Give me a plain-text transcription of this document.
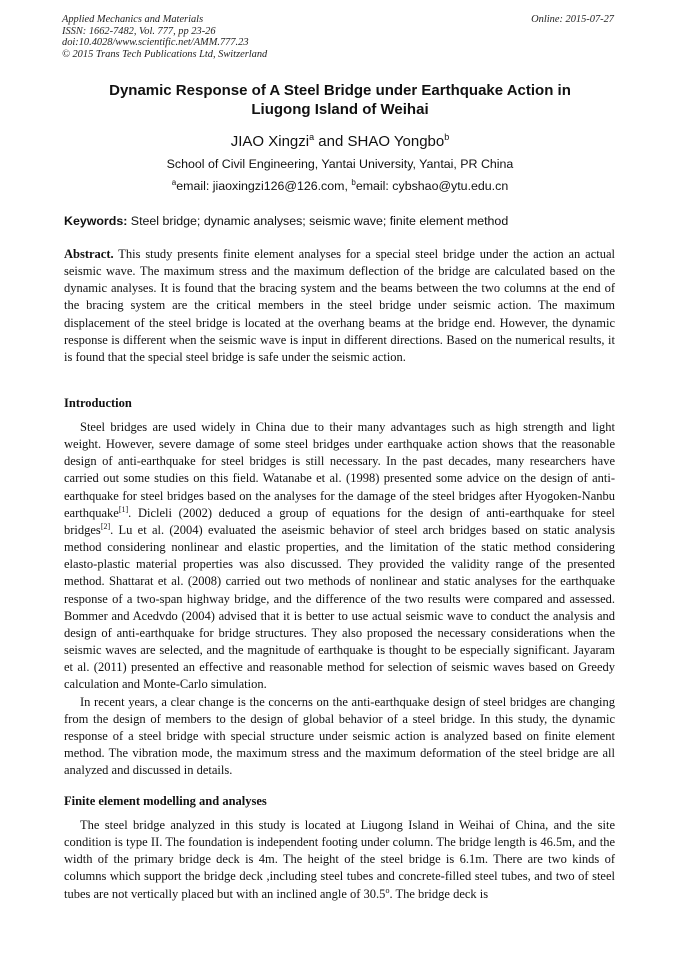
Applied Mechanics and Materials
ISSN: 1662-7482, Vol. 777, pp 23-26
doi:10.4028/www.scientific.net/AMM.777.23
© 2015 Trans Tech Publications Ltd, Switzerland
Online: 2015-07-27
Dynamic Response of A Steel Bridge under Earthquake Action in
Liugong Island of Weihai
JIAO Xingzi$^a$ and SHAO Yongbo$^b$
School of Civil Engineering, Yantai University, Yantai, PR China
$^a$email: jiaoxingzi126@126.com, $^b$email: cybshao@ytu.edu.cn
Keywords: Steel bridge; dynamic analyses; seismic wave; finite element method

Abstract. This study presents finite element analyses for a special steel bridge under the action an actual seismic wave. The maximum stress and the maximum deflection of the bridge are calculated based on the dynamic analyses. It is found that the bracing system and the beams between the two columns at the end of the bracing system are the critical members in the steel bridge under seismic action. The maximum displacement of the steel bridge is located at the overhang beams at the bridge end. However, the dynamic response is different when the seismic wave is input in different directions. Based on the numerical results, it is found that the special steel bridge is safe under the seismic action.

Introduction

Steel bridges are used widely in China due to their many advantages such as high strength and light weight. However, severe damage of some steel bridges under earthquake action shows that the reasonable design of anti-earthquake for steel bridges is still necessary. In the past decades, many researchers have carried out some studies on this field. Watanabe et al. (1998) presented some advice on the design of anti-earthquake for steel bridges based on the analyses for the damage of the steel bridges after Hyogoken-Nanbu earthquake[1]. Dicleli (2002) deduced a group of equations for the design of anti-earthquake for steel bridges[2]. Lu et al. (2004) evaluated the aseismic behavior of steel arch bridges based on static analysis method considering nonlinear and elastic properties, and the limitation of the static method considering elasto-plastic material properties was also discussed. They provided the validity range of the presented method. Shattarat et al. (2008) carried out two methods of nonlinear and static analyses for the earthquake response of a two-span highway bridge, and the difference of the two results were compared and assessed. Bommer and Acedvdo (2004) advised that it is better to use actual seismic wave to conduct the analysis and design of anti-earthquake for bridge structures. They also proposed the necessary considerations when the seismic waves are selected, and the magnitude of earthquake is thought to be especially significant. Jayaram et al. (2011) presented an effective and reasonable method for selection of seismic waves based on Greedy calculation and Monte-Carlo simulation.

In recent years, a clear change is the concerns on the anti-earthquake design of steel bridges are changing from the design of members to the design of global behavior of a steel bridge. In this study, the dynamic response of a steel bridge with special structure under seismic action is analyzed based on finite element method. The vibration mode, the maximum stress and the maximum deformation of the steel bridge are all analyzed and discussed in details.

Finite element modelling and analyses

The steel bridge analyzed in this study is located at Liugong Island in Weihai of China, and the site condition is type II. The foundation is independent footing under column. The bridge length is 46.5m, and the width of the primary bridge deck is 4m. The height of the steel bridge is 6.1m. There are two kinds of columns which support the bridge deck ,including steel tubes and concrete-filled steel tubes, and two of steel tubes are not vertically placed but with an inclined angle of 30.5$^o$. The bridge deck is
